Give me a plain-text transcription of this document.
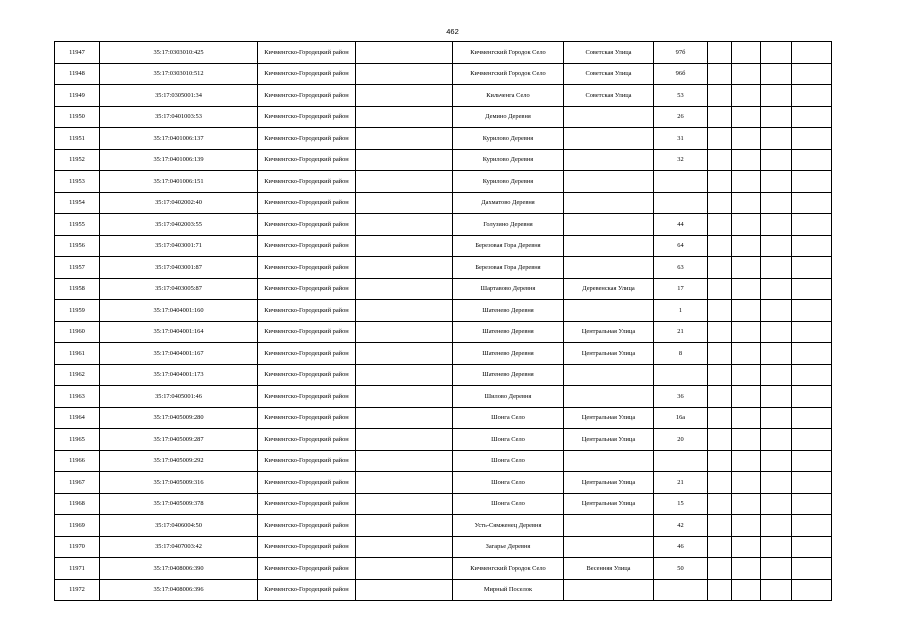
462
11947	35:17:0303010:425	Кичменгско-Городецкий район		Кичменгский Городок Село	Советская Улица	97б				
11948	35:17:0303010:512	Кичменгско-Городецкий район		Кичменгский Городок Село	Советская Улица	96б				
11949	35:17:0305001:34	Кичменгско-Городецкий район		Кильченга Село	Советская Улица	53				
11950	35:17:0401003:53	Кичменгско-Городецкий район		Демино Деревня		26				
11951	35:17:0401006:137	Кичменгско-Городецкий район		Курилово Деревня		31				
11952	35:17:0401006:139	Кичменгско-Городецкий район		Курилово Деревня		32				
11953	35:17:0401006:151	Кичменгско-Городецкий район		Курилово Деревня						
11954	35:17:0402002:40	Кичменгско-Городецкий район		Дахматово Деревня						
11955	35:17:0402003:55	Кичменгско-Городецкий район		Голузино Деревня		44				
11956	35:17:0403001:71	Кичменгско-Городецкий район		Березовая Гора Деревня		64				
11957	35:17:0403001:87	Кичменгско-Городецкий район		Березовая Гора Деревня		63				
11958	35:17:0403005:87	Кичменгско-Городецкий район		Шартавово Деревня	Деревенская Улица	17				
11959	35:17:0404001:160	Кичменгско-Городецкий район		Шатенево Деревня		1				
11960	35:17:0404001:164	Кичменгско-Городецкий район		Шатенево Деревня	Центральная Улица	21				
11961	35:17:0404001:167	Кичменгско-Городецкий район		Шатенево Деревня	Центральная Улица	8				
11962	35:17:0404001:173	Кичменгско-Городецкий район		Шатенево Деревня						
11963	35:17:0405001:46	Кичменгско-Городецкий район		Шилово Деревня		36				
11964	35:17:0405009:280	Кичменгско-Городецкий район		Шонга Село	Центральная Улица	16а				
11965	35:17:0405009:287	Кичменгско-Городецкий район		Шонга Село	Центральная Улица	20				
11966	35:17:0405009:292	Кичменгско-Городецкий район		Шонга Село						
11967	35:17:0405009:316	Кичменгско-Городецкий район		Шонга Село	Центральная Улица	21				
11968	35:17:0405009:378	Кичменгско-Городецкий район		Шонга Село	Центральная Улица	15				
11969	35:17:0406004:50	Кичменгско-Городецкий район		Усть-Сямженец Деревня		42				
11970	35:17:0407003:42	Кичменгско-Городецкий район		Загарье Деревня		46				
11971	35:17:0408006:390	Кичменгско-Городецкий район		Кичменгский Городок Село	Весенняя Улица	50				
11972	35:17:0408006:396	Кичменгско-Городецкий район		Мирный Поселок						
